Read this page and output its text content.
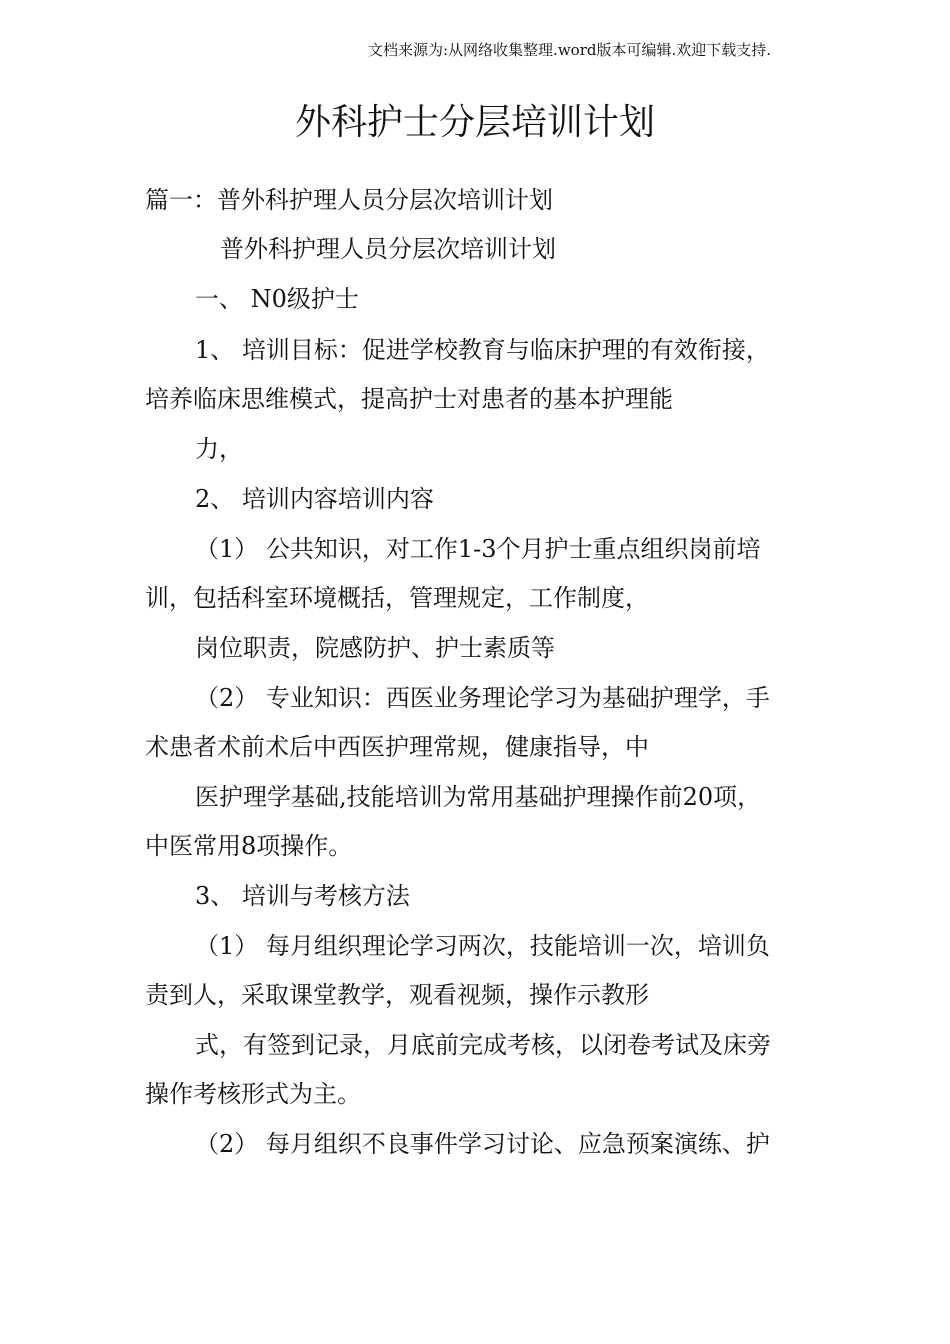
文档来源为:从网络收集整理.word版本可编辑.欢迎下载支持.
外科护士分层培训计划
篇一：普外科护理人员分层次培训计划
普外科护理人员分层次培训计划
一、 N0级护士
1、 培训目标：促进学校教育与临床护理的有效衔接，
培养临床思维模式，提高护士对患者的基本护理能
力，
2、 培训内容培训内容
（1） 公共知识，对工作1-3个月护士重点组织岗前培
训，包括科室环境概括，管理规定，工作制度，
岗位职责，院感防护、护士素质等
（2） 专业知识：西医业务理论学习为基础护理学，手
术患者术前术后中西医护理常规，健康指导，中
医护理学基础,技能培训为常用基础护理操作前20项，
中医常用8项操作。
3、 培训与考核方法
（1） 每月组织理论学习两次，技能培训一次，培训负
责到人，采取课堂教学，观看视频，操作示教形
式，有签到记录，月底前完成考核，以闭卷考试及床旁
操作考核形式为主。
（2） 每月组织不良事件学习讨论、应急预案演练、护
